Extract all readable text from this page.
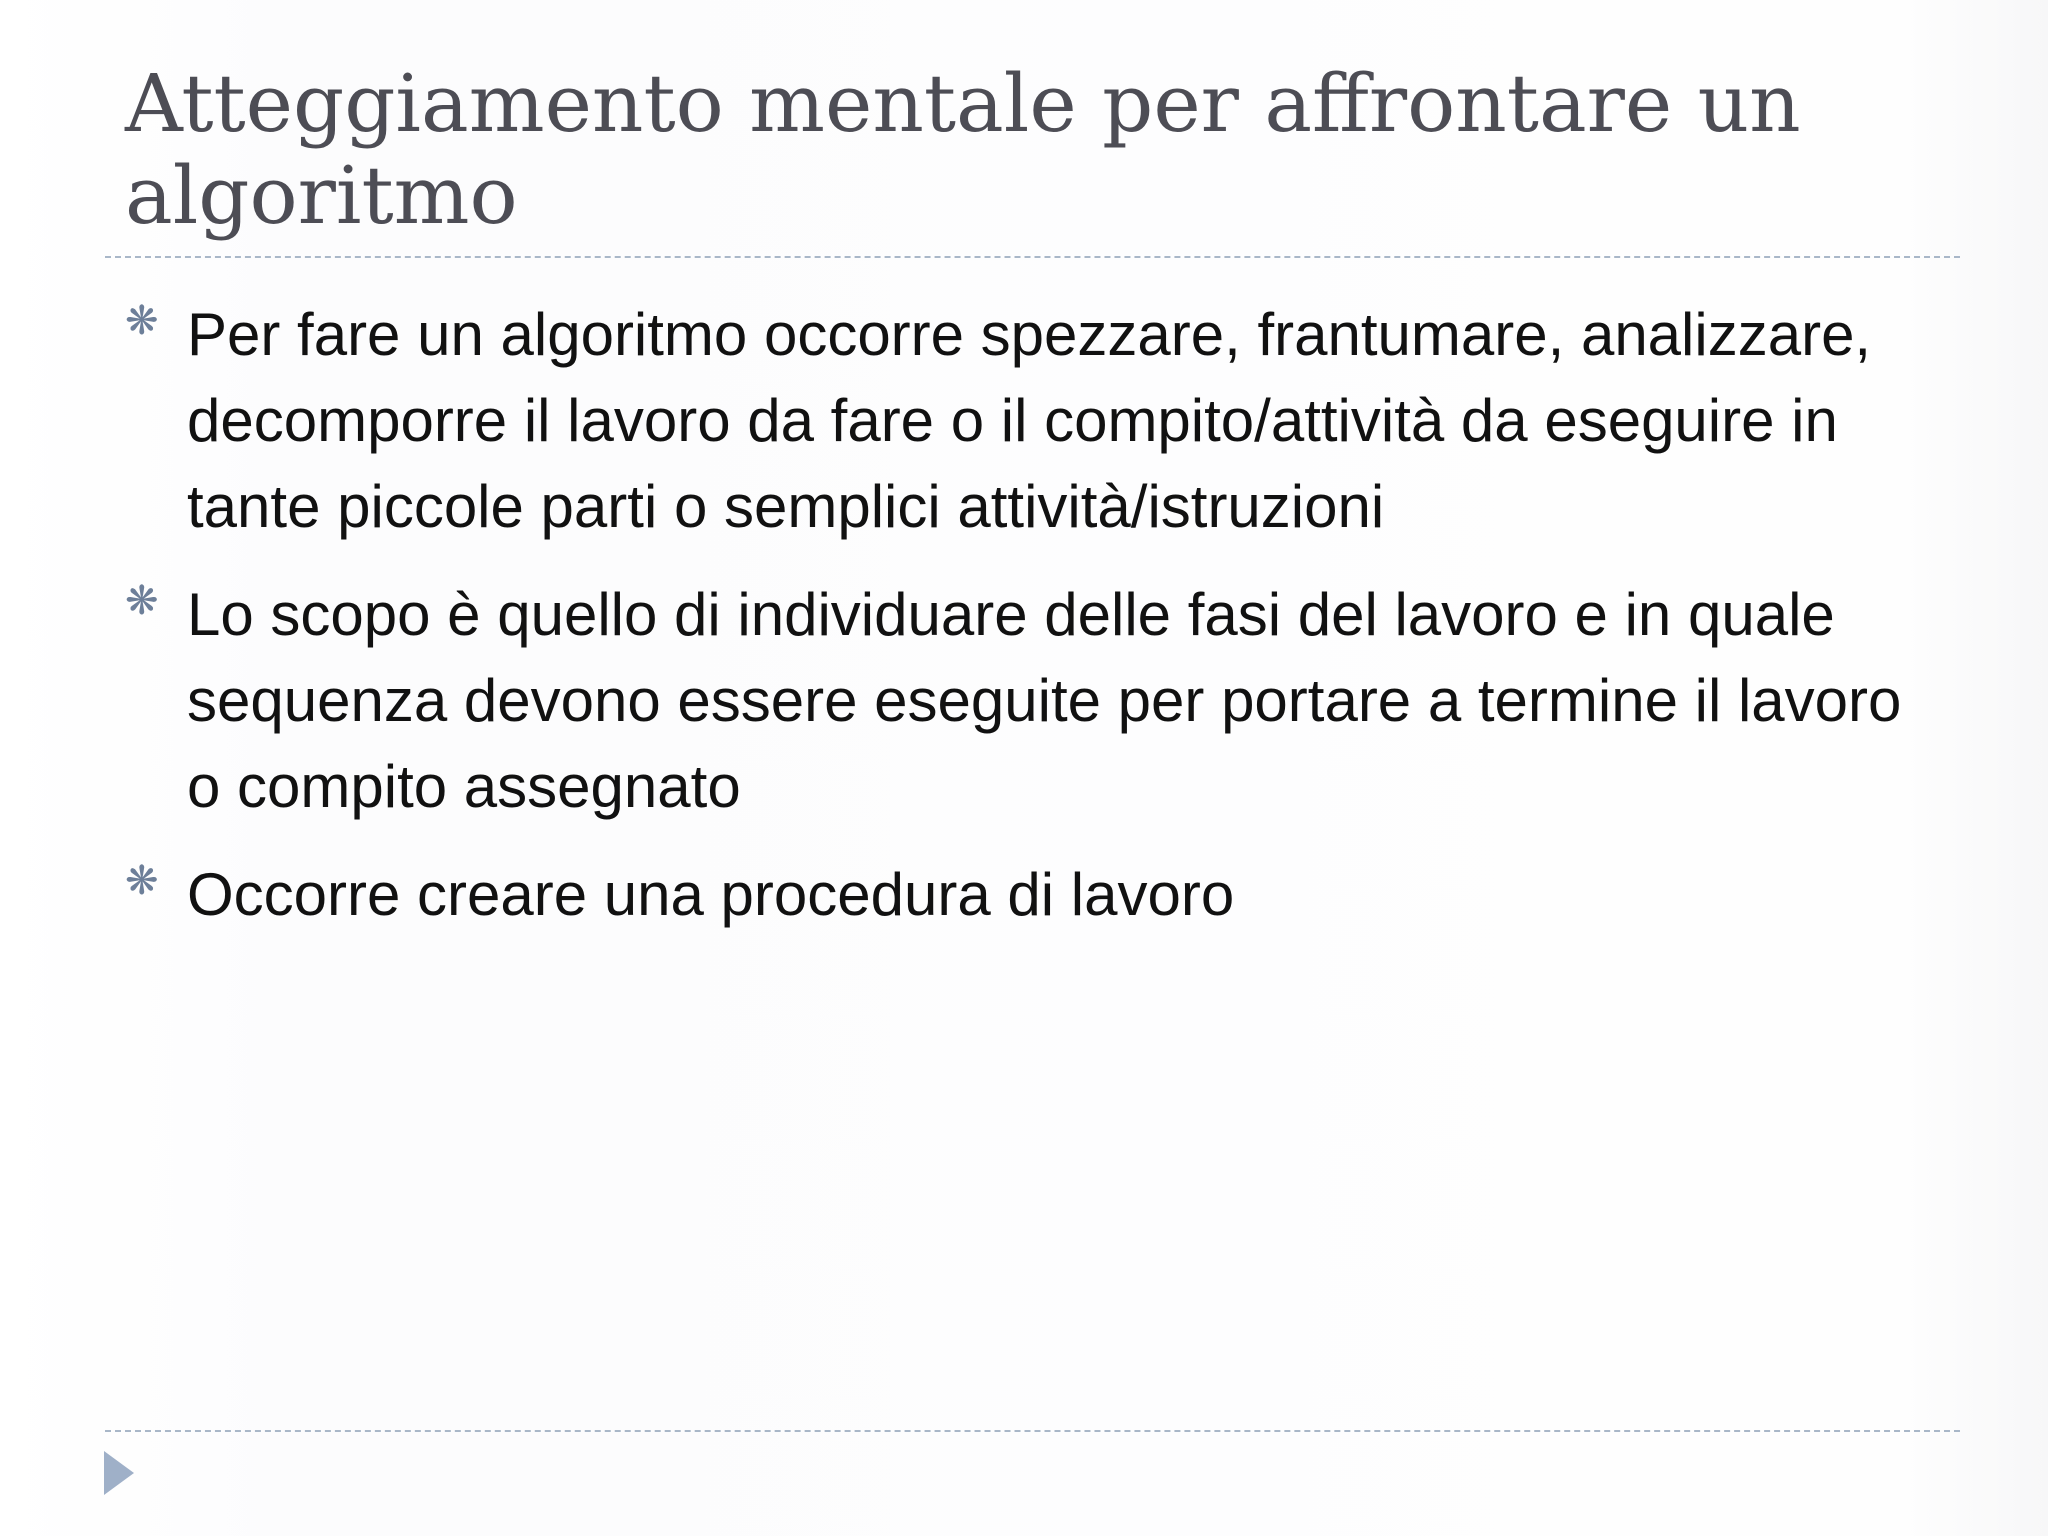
Atteggiamento mentale per affrontare un algoritmo
❋ Per fare un algoritmo occorre spezzare, frantumare, analizzare, decomporre il lavoro da fare o il compito/attività da eseguire in tante piccole parti o semplici attività/istruzioni
❋ Lo scopo è quello di individuare delle fasi del lavoro e in quale sequenza devono essere eseguite per portare a termine il lavoro o compito assegnato
❋ Occorre creare una procedura di lavoro
